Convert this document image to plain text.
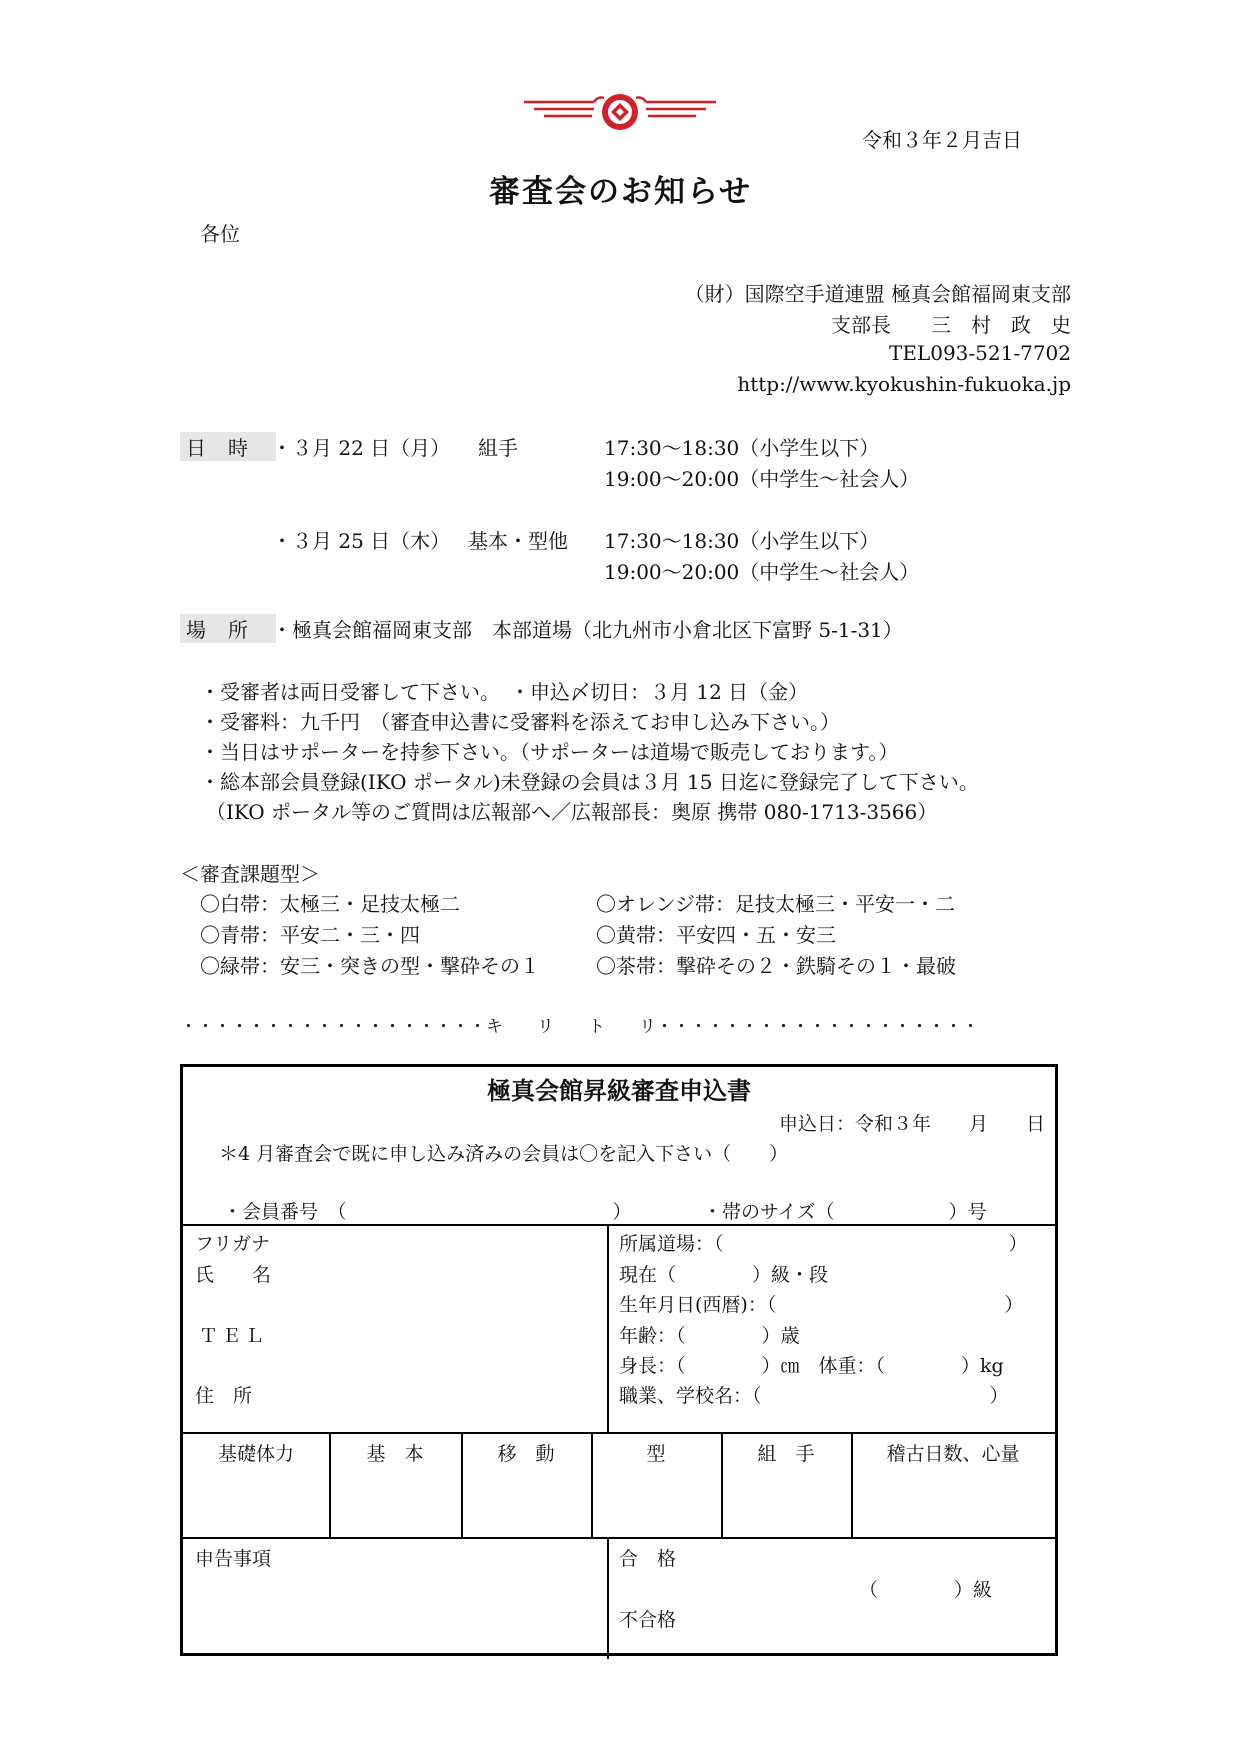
令和３年２月吉日
審査会のお知らせ
各位
（財）国際空手道連盟 極真会館福岡東支部
支部長　　三　村　政　史
TEL093-521-7702
http://www.kyokushin-fukuoka.jp
日時 ・３月 22 日（月） 組手	17:30～18:30（小学生以下）
19:00～20:00（中学生～社会人）
・３月 25 日（木） 基本・型他 17:30～18:30（小学生以下）
19:00～20:00（中学生～社会人）
場所 ・極真会館福岡東支部　本部道場（北九州市小倉北区下富野 5-1-31）
・受審者は両日受審して下さい。　・申込〆切日：３月 12 日（金）
・受審料：九千円　（審査申込書に受審料を添えてお申し込み下さい。）
・当日はサポーターを持参下さい。（サポーターは道場で販売しております。）
・総本部会員登録(IKO ポータル)未登録の会員は３月 15 日迄に登録完了して下さい。
（IKO ポータル等のご質問は広報部へ／広報部長：奥原 携帯 080-1713-3566）
＜審査課題型＞
〇白帯：太極三・足技太極二
〇青帯：平安二・三・四
〇緑帯：安三・突きの型・撃砕その１
〇オレンジ帯：足技太極三・平安一・二
〇黄帯：平安四・五・安三
〇茶帯：撃砕その２・鉄騎その１・最破
・・・・・・・・・・・・・・・・・・キ　　リ　　ト　　リ・・・・・・・・・・・・・・・・・・・
極真会館昇級審査申込書
申込日：令和３年　　月　　日
＊4 月審査会で既に申し込み済みの会員は〇を記入下さい（　　）
・会員番号　（　　　　　　　　　　　　　　）	・帯のサイズ（　　　　　　）号
フリガナ
氏　　名
ＴＥＬ
住　所
所属道場：（　　　　　　　　　　　　　　　）
現在（　　　　）級・段
生年月日(西暦)：（　　　　　　　　　　　　）
年齢：（　　　　）歳
身長：（　　　　）㎝　体重：（　　　　）kg
職業、学校名：（　　　　　　　　　　　　）
基礎体力	基　本	移　動	型	組　手	稽古日数、心量
申告事項	合　格
（　　　　）級
不合格
